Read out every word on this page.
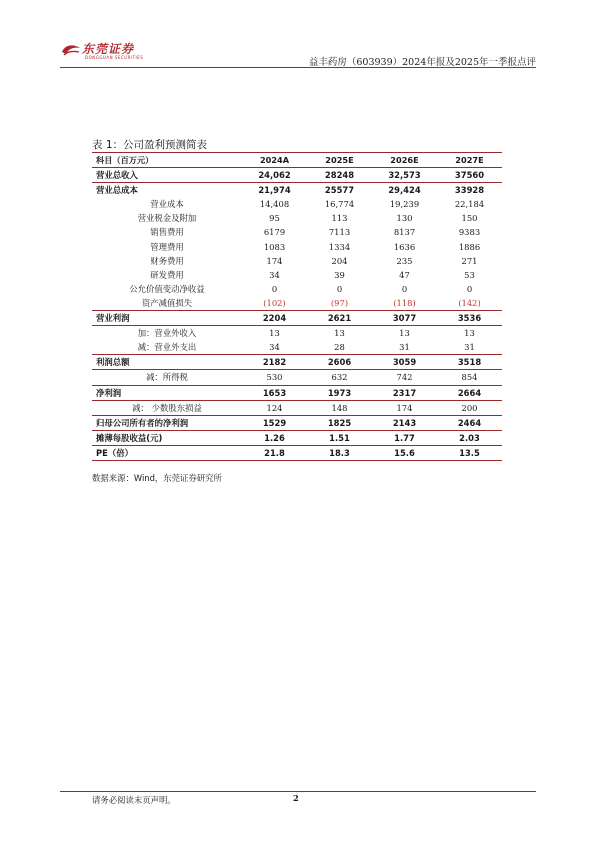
东莞证券
DONGGUAN SECURITIES	益丰药房（603939）2024年报及2025年一季报点评
表 1：公司盈利预测简表
科目（百万元）	2024A	2025E	2026E	2027E
营业总收入	24,062	28248	32,573	37560
营业总成本	21,974	25577	29,424	33928
营业成本	14,408	16,774	19,239	22,184
营业税金及附加	95	113	130	150
销售费用	6179	7113	8137	9383
管理费用	1083	1334	1636	1886
财务费用	174	204	235	271
研发费用	34	39	47	53
公允价值变动净收益	0	0	0	0
资产减值损失	(102)	(97)	(118)	(142)
营业利润	2204	2621	3077	3536
加：营业外收入	13	13	13	13
减：营业外支出	34	28	31	31
利润总额	2182	2606	3059	3518
减：所得税	530	632	742	854
净利润	1653	1973	2317	2664
减： 少数股东损益	124	148	174	200
归母公司所有者的净利润	1529	1825	2143	2464
摊薄每股收益(元)	1.26	1.51	1.77	2.03
PE（倍）	21.8	18.3	15.6	13.5
数据来源：Wind，东莞证券研究所
请务必阅读末页声明。	2
